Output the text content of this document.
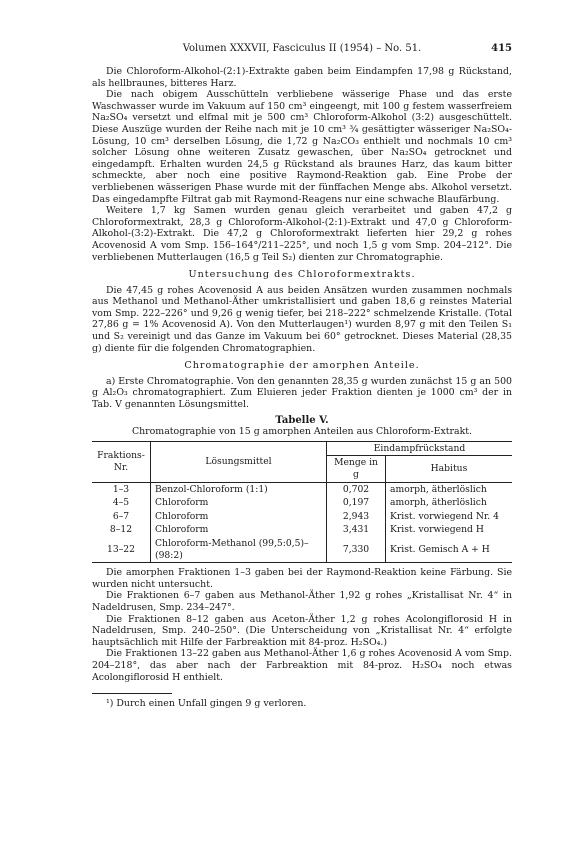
Volumen XXXVII, Fasciculus II (1954) – No. 51.	415

Die Chloroform-Alkohol-(2:1)-Extrakte gaben beim Eindampfen 17,98 g Rückstand, als hellbraunes, bitteres Harz.

Die nach obigem Ausschütteln verbliebene wässerige Phase und das erste Waschwasser wurde im Vakuum auf 150 cm³ eingeengt, mit 100 g festem wasserfreiem Na₂SO₄ versetzt und elfmal mit je 500 cm³ Chloroform-Alkohol (3:2) ausgeschüttelt. Diese Auszüge wurden der Reihe nach mit je 10 cm³ ¾ gesättigter wässeriger Na₂SO₄-Lösung, 10 cm³ derselben Lösung, die 1,72 g Na₂CO₃ enthielt und nochmals 10 cm³ solcher Lösung ohne weiteren Zusatz gewaschen, über Na₂SO₄ getrocknet und eingedampft. Erhalten wurden 24,5 g Rückstand als braunes Harz, das kaum bitter schmeckte, aber noch eine positive Raymond-Reaktion gab. Eine Probe der verbliebenen wässerigen Phase wurde mit der fünffachen Menge abs. Alkohol versetzt. Das eingedampfte Filtrat gab mit Raymond-Reagens nur eine schwache Blaufärbung.

Weitere 1,7 kg Samen wurden genau gleich verarbeitet und gaben 47,2 g Chloroformextrakt, 28,3 g Chloroform-Alkohol-(2:1)-Extrakt und 47,0 g Chloroform-Alkohol-(3:2)-Extrakt. Die 47,2 g Chloroformextrakt lieferten hier 29,2 g rohes Acovenosid A vom Smp. 156–164°/211–225°, und noch 1,5 g vom Smp. 204–212°. Die verbliebenen Mutterlaugen (16,5 g Teil S₂) dienten zur Chromatographie.

Untersuchung des Chloroformextrakts.

Die 47,45 g rohes Acovenosid A aus beiden Ansätzen wurden zusammen nochmals aus Methanol und Methanol-Äther umkristallisiert und gaben 18,6 g reinstes Material vom Smp. 222–226° und 9,26 g wenig tiefer, bei 218–222° schmelzende Kristalle. (Total 27,86 g = 1% Acovenosid A). Von den Mutterlaugen¹) wurden 8,97 g mit den Teilen S₁ und S₂ vereinigt und das Ganze im Vakuum bei 60° getrocknet. Dieses Material (28,35 g) diente für die folgenden Chromatographien.

Chromatographie der amorphen Anteile.

a) Erste Chromatographie. Von den genannten 28,35 g wurden zunächst 15 g an 500 g Al₂O₃ chromatographiert. Zum Eluieren jeder Fraktion dienten je 1000 cm³ der in Tab. V genannten Lösungsmittel.

Tabelle V.
Chromatographie von 15 g amorphen Anteilen aus Chloroform-Extrakt.
Fraktions-Nr.	Lösungsmittel	Eindampfrückstand	
		Menge in g	Habitus
1–3	Benzol-Chloroform (1:1)	0,702	amorph, ätherlöslich
4–5	Chloroform	0,197	amorph, ätherlöslich
6–7	Chloroform	2,943	Krist. vorwiegend Nr. 4
8–12	Chloroform	3,431	Krist. vorwiegend H
13–22	Chloroform-Methanol (99,5:0,5)–(98:2)	7,330	Krist. Gemisch A + H

Die amorphen Fraktionen 1–3 gaben bei der Raymond-Reaktion keine Färbung. Sie wurden nicht untersucht.

Die Fraktionen 6–7 gaben aus Methanol-Äther 1,92 g rohes „Kristallisat Nr. 4“ in Nadeldrusen, Smp. 234–247°.

Die Fraktionen 8–12 gaben aus Aceton-Äther 1,2 g rohes Acolongiflorosid H in Nadeldrusen, Smp. 240–250°. (Die Unterscheidung von „Kristallisat Nr. 4“ erfolgte hauptsächlich mit Hilfe der Farbreaktion mit 84-proz. H₂SO₄.)

Die Fraktionen 13–22 gaben aus Methanol-Äther 1,6 g rohes Acovenosid A vom Smp. 204–218°, das aber nach der Farbreaktion mit 84-proz. H₂SO₄ noch etwas Acolongiflorosid H enthielt.

¹) Durch einen Unfall gingen 9 g verloren.
